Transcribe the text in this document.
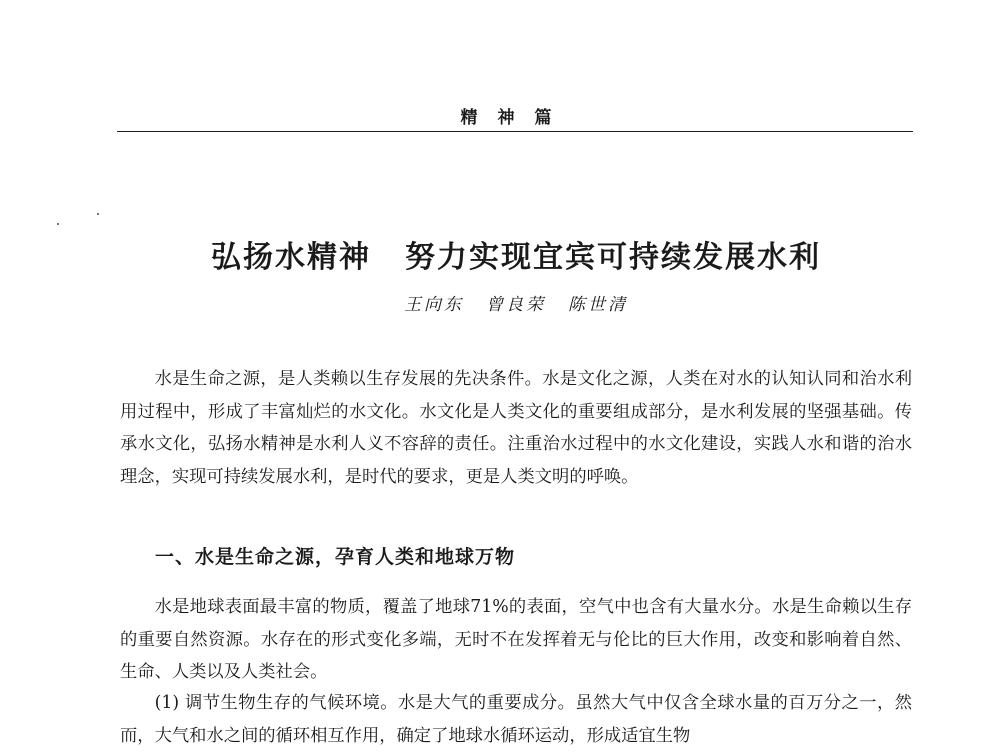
精神篇
弘扬水精神 努力实现宜宾可持续发展水利
王向东 曾良荣 陈世清

水是生命之源，是人类赖以生存发展的先决条件。水是文化之源，人类在对水的认知认同和治水利用过程中，形成了丰富灿烂的水文化。水文化是人类文化的重要组成部分，是水利发展的坚强基础。传承水文化，弘扬水精神是水利人义不容辞的责任。注重治水过程中的水文化建设，实践人水和谐的治水理念，实现可持续发展水利，是时代的要求，更是人类文明的呼唤。

一、水是生命之源，孕育人类和地球万物

水是地球表面最丰富的物质，覆盖了地球71%的表面，空气中也含有大量水分。水是生命赖以生存的重要自然资源。水存在的形式变化多端，无时不在发挥着无与伦比的巨大作用，改变和影响着自然、生命、人类以及人类社会。

(1) 调节生物生存的气候环境。水是大气的重要成分。虽然大气中仅含全球水量的百万分之一，然而，大气和水之间的循环相互作用，确定了地球水循环运动，形成适宜生物
